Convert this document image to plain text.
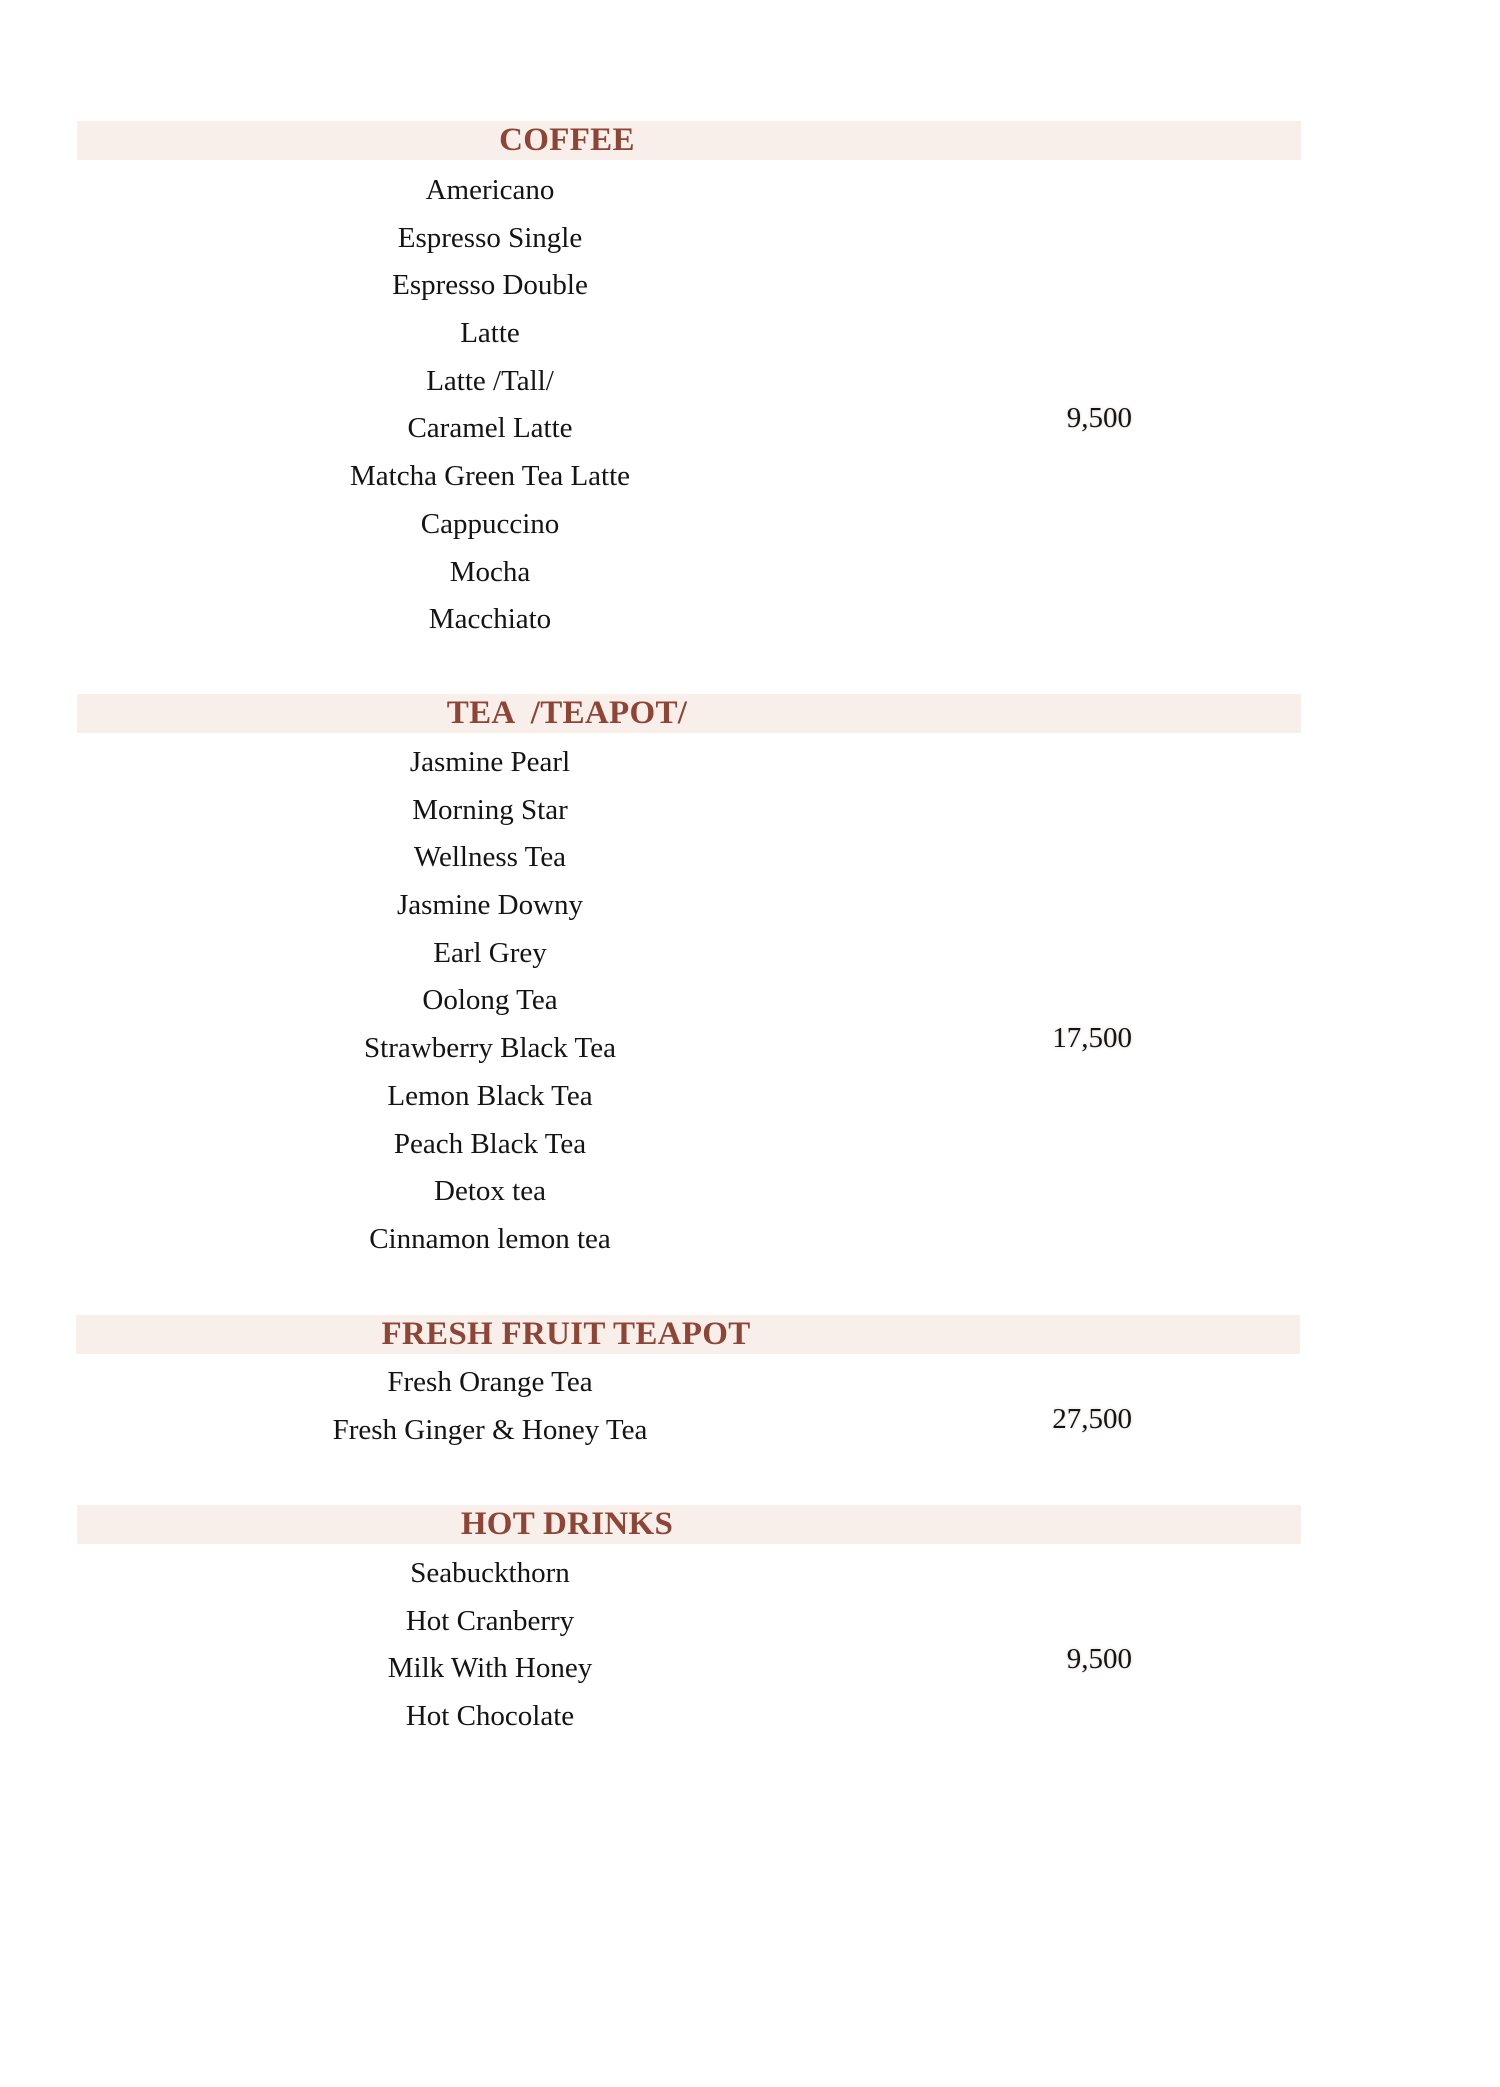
COFFEE
Americano
Espresso Single
Espresso Double
Latte
Latte /Tall/
Caramel Latte
Matcha Green Tea Latte
Cappuccino
Mocha
Macchiato
9,500
TEA  /TEAPOT/
Jasmine Pearl
Morning Star
Wellness Tea
Jasmine Downy
Earl Grey
Oolong Tea
Strawberry Black Tea
Lemon Black Tea
Peach Black Tea
Detox tea
Cinnamon lemon tea
17,500
FRESH FRUIT TEAPOT
Fresh Orange Tea
Fresh Ginger & Honey Tea	27,500
HOT DRINKS
Seabuckthorn
Hot Cranberry
Milk With Honey
Hot Chocolate
9,500
